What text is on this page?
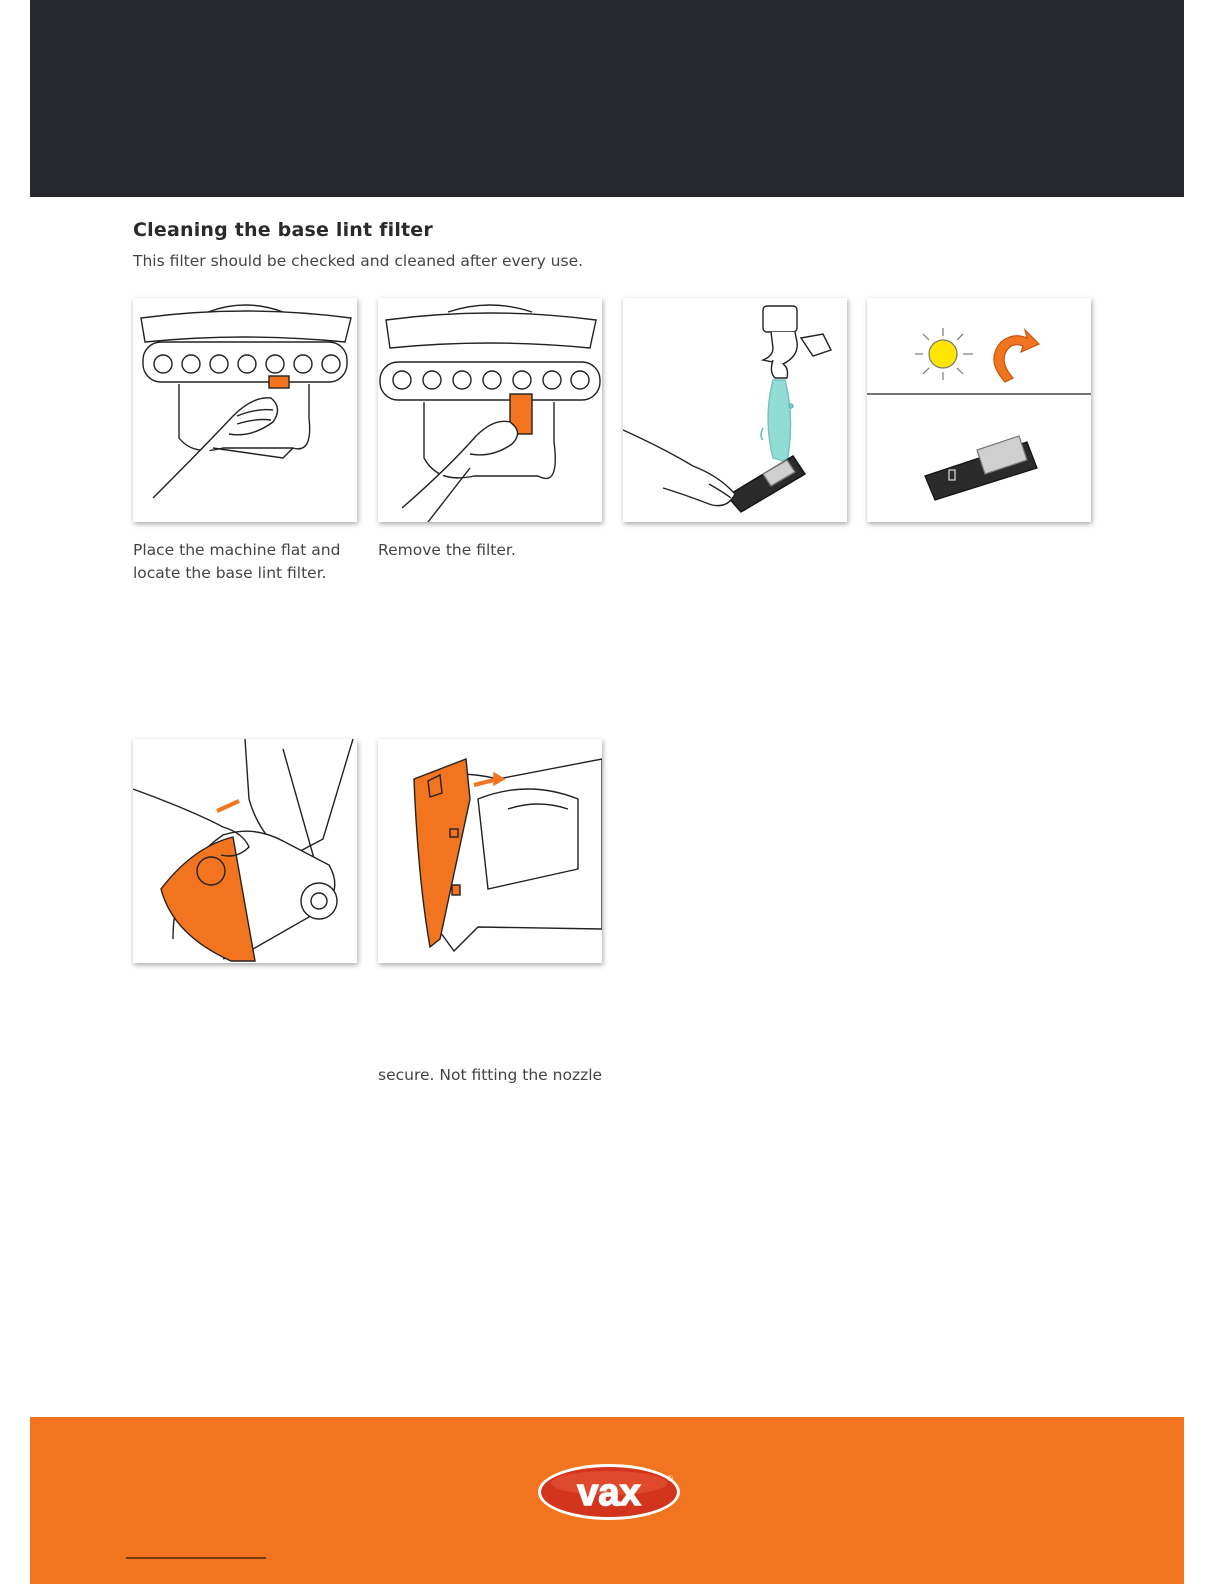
Cleaning the base lint filter

This filter should be checked and cleaned after every use.

Place the machine flat and locate the base lint filter.

Remove the filter.

secure. Not fitting the nozzle

vax	®
